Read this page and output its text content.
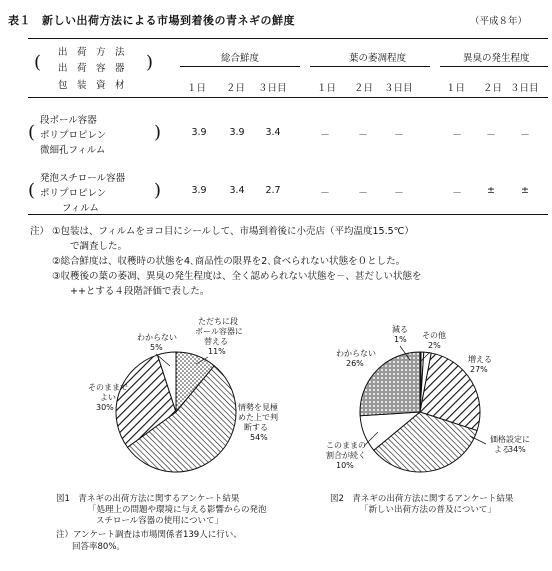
表１ 新しい出荷方法による市場到着後の青ネギの鮮度	（平成８年）
出　荷　方　法
( 出　荷　容　器 )
包　装　資　材
総合鮮度	葉の萎凋程度	異臭の発生程度
１日 ２日 ３日目	１日 ２日 ３日目	１日 ２日 ３日目
段ボール容器
( ポリプロピレン	)
微細孔フィルム
3.9	3.9	3.4	－	－	－	－	－	－
発泡スチロール容器
( ポリプロピレン	)
フィルム
3.9	3.4	2.7	－	－	－	－	±	±
注） ①包装は、フィルムをヨコ目にシールして、市場到着後に小売店（平均温度15.5℃）
で調査した。
②総合鮮度は、収穫時の状態を4､商品性の限界を2､食べられない状態を０とした。
③収穫後の葉の萎凋、異臭の発生程度は、全く認められない状態を－、甚だしい状態を
++とする４段階評価で表した。
ただちに段
ボール容器に
替える
11%
情勢を見極
めた上で判
断する
54%
そのままで
よい
30%
わからない
5%
減る
1% その他
2%
増える
27%
価格設定に
よる
34%
このままの
割合が続く
10%
わからない
26%
図1　青ネギの出荷方法に関するアンケート結果
「処理上の問題や環境に与える影響からの発泡
スチロール容器の使用について」
注）アンケート調査は市場関係者139人に行い、
回答率80%。
図2　青ネギの出荷方法に関するアンケート結果
「新しい出荷方法の普及について」
